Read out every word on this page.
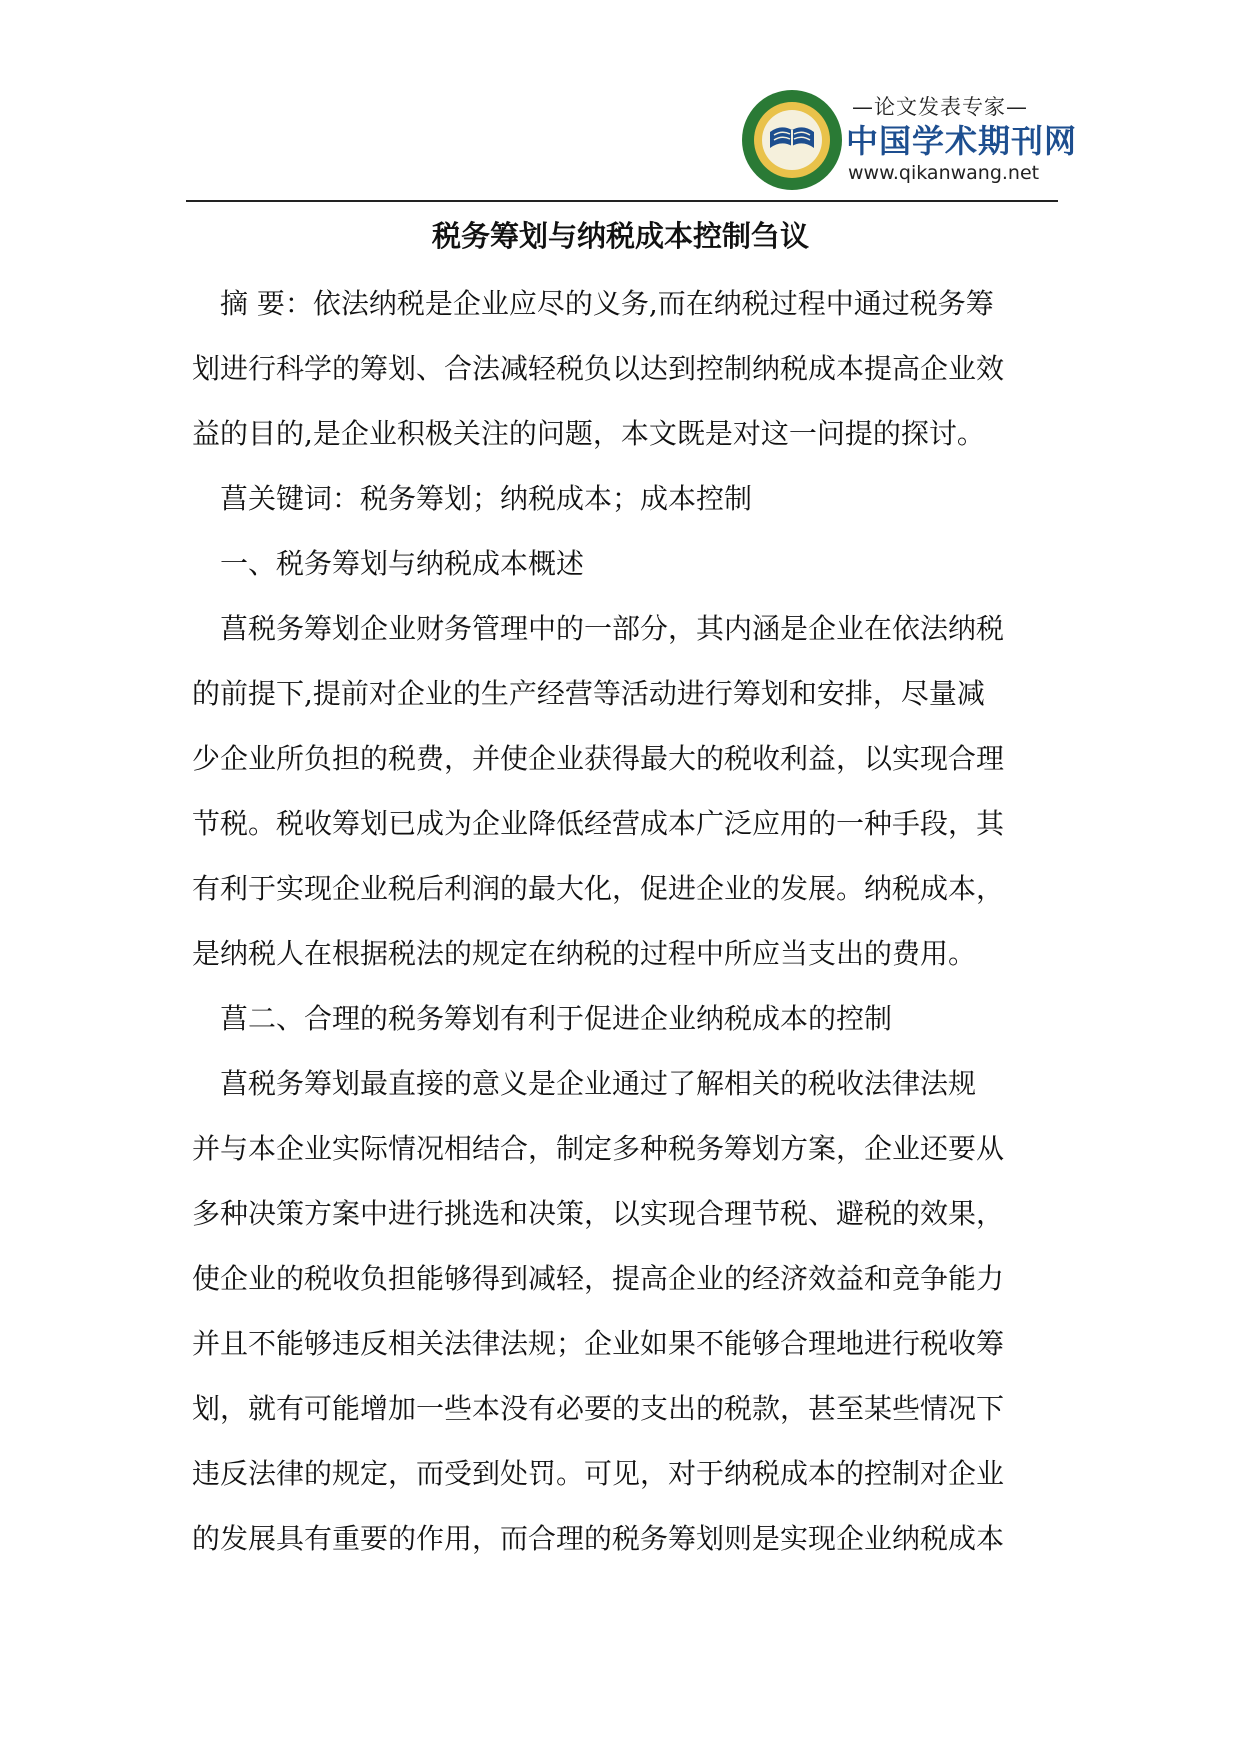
—论文发表专家—

中国学术期刊网

www.qikanwang.net

税务筹划与纳税成本控制刍议

摘 要：依法纳税是企业应尽的义务,而在纳税过程中通过税务筹

划进行科学的筹划、合法减轻税负以达到控制纳税成本提高企业效

益的目的,是企业积极关注的问题，本文既是对这一问提的探讨。

菖关键词：税务筹划；纳税成本；成本控制

一、税务筹划与纳税成本概述

菖税务筹划企业财务管理中的一部分，其内涵是企业在依法纳税

的前提下,提前对企业的生产经营等活动进行筹划和安排，尽量减

少企业所负担的税费，并使企业获得最大的税收利益，以实现合理

节税。税收筹划已成为企业降低经营成本广泛应用的一种手段，其

有利于实现企业税后利润的最大化，促进企业的发展。纳税成本，

是纳税人在根据税法的规定在纳税的过程中所应当支出的费用。

菖二、合理的税务筹划有利于促进企业纳税成本的控制

菖税务筹划最直接的意义是企业通过了解相关的税收法律法规

并与本企业实际情况相结合，制定多种税务筹划方案，企业还要从

多种决策方案中进行挑选和决策，以实现合理节税、避税的效果，

使企业的税收负担能够得到减轻，提高企业的经济效益和竞争能力

并且不能够违反相关法律法规；企业如果不能够合理地进行税收筹

划，就有可能增加一些本没有必要的支出的税款，甚至某些情况下

违反法律的规定，而受到处罚。可见，对于纳税成本的控制对企业

的发展具有重要的作用，而合理的税务筹划则是实现企业纳税成本
